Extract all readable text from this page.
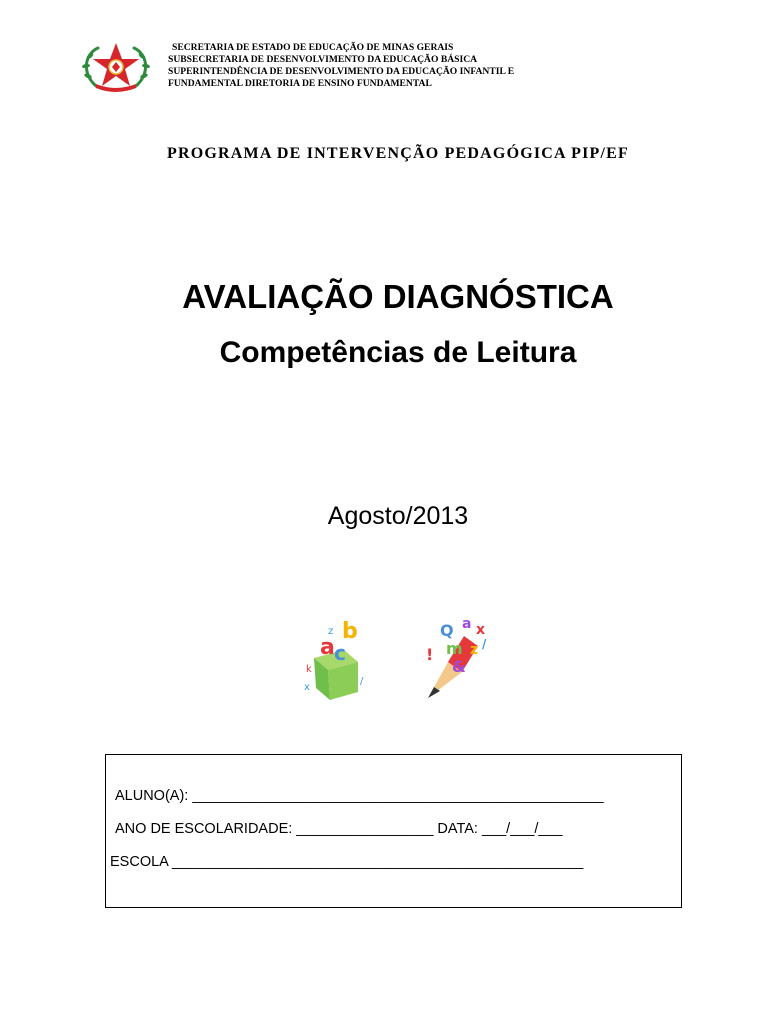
SECRETARIA DE ESTADO DE EDUCAÇÃO DE MINAS GERAIS
SUBSECRETARIA DE DESENVOLVIMENTO DA EDUCAÇÃO BÁSICA
SUPERINTENDÊNCIA DE DESENVOLVIMENTO DA EDUCAÇÃO INFANTIL E
FUNDAMENTAL DIRETORIA DE ENSINO FUNDAMENTAL
PROGRAMA DE INTERVENÇÃO PEDAGÓGICA PIP/EF
AVALIAÇÃO DIAGNÓSTICA
Competências de Leitura
Agosto/2013
a
b
c
z
k
x
/
Q a x
m z
!
&
/
ALUNO(A): ___________________________________________________
ANO DE ESCOLARIDADE: _________________ DATA: ___/___/___
ESCOLA ___________________________________________________
